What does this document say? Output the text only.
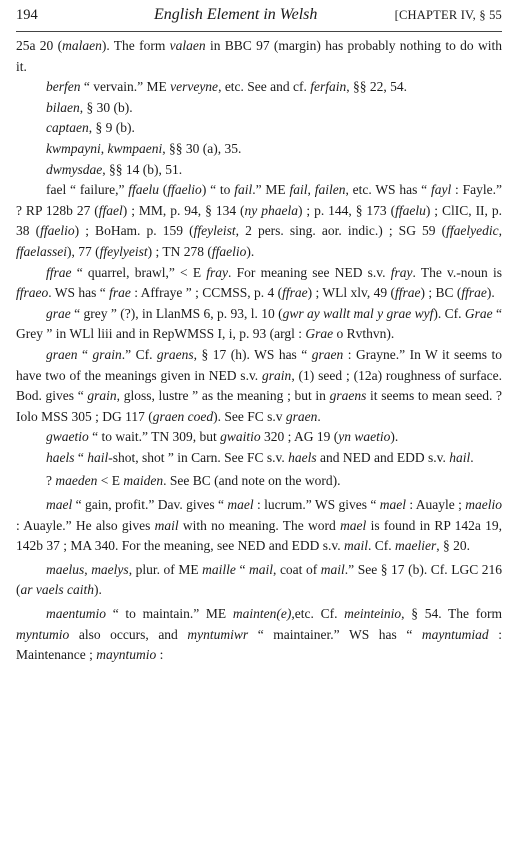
194	English Element in Welsh	[CHAPTER IV, § 55

25a 20 (malaen). The form valaen in BBC 97 (margin) has probably nothing to do with it.

berfen “ vervain.” ME verveyne, etc. See and cf. ferfain, §§ 22, 54.

bilaen, § 30 (b).

captaen, § 9 (b).

kwmpayni, kwmpaeni, §§ 30 (a), 35.

dwmysdae, §§ 14 (b), 51.

fael “ failure,” ffaelu (ffaelio) “ to fail.” ME fail, failen, etc. WS has “ fayl : Fayle.” ? RP 128b 27 (ffael) ; MM, p. 94, § 134 (ny phaela) ; p. 144, § 173 (ffaelu) ; ClIC, II, p. 38 (ffaelio) ; BoHam. p. 159 (ffeyleist, 2 pers. sing. aor. indic.) ; SG 59 (ffaelyedic, ffaelassei), 77 (ffeylyeist) ; TN 278 (ffaelio).

ffrae “ quarrel, brawl,” < E fray. For meaning see NED s.v. fray. The v.-noun is ffraeo. WS has “ frae : Affraye ” ; CCMSS, p. 4 (ffrae) ; WLl xlv, 49 (ffrae) ; BC (ffrae).

grae “ grey ” (?), in LlanMS 6, p. 93, l. 10 (gwr ay wallt mal y grae wyf). Cf. Grae “ Grey ” in WLl liii and in RepWMSS I, i, p. 93 (argl : Grae o Rvthvn).

graen “ grain.” Cf. graens, § 17 (h). WS has “ graen : Grayne.” In W it seems to have two of the meanings given in NED s.v. grain, (1) seed ; (12a) roughness of surface. Bod. gives “ grain, gloss, lustre ” as the meaning ; but in graens it seems to mean seed. ? Iolo MSS 305 ; DG 117 (graen coed). See FC s.v graen.

gwaetio “ to wait.” TN 309, but gwaitio 320 ; AG 19 (yn waetio).

haels “ hail-shot, shot ” in Carn. See FC s.v. haels and NED and EDD s.v. hail.

? maeden < E maiden. See BC (and note on the word).

mael “ gain, profit.” Dav. gives “ mael : lucrum.” WS gives “ mael : Auayle ; maelio : Auayle.” He also gives mail with no meaning. The word mael is found in RP 142a 19, 142b 37 ; MA 340. For the meaning, see NED and EDD s.v. mail. Cf. maelier, § 20.

maelus, maelys, plur. of ME maille “ mail, coat of mail.” See § 17 (b). Cf. LGC 216 (ar vaels caith).

maentumio “ to maintain.” ME mainten(e),etc. Cf. meinteinio, § 54. The form myntumio also occurs, and myntumiwr “ maintainer.” WS has “ mayntumiad : Maintenance ; mayntumio :
